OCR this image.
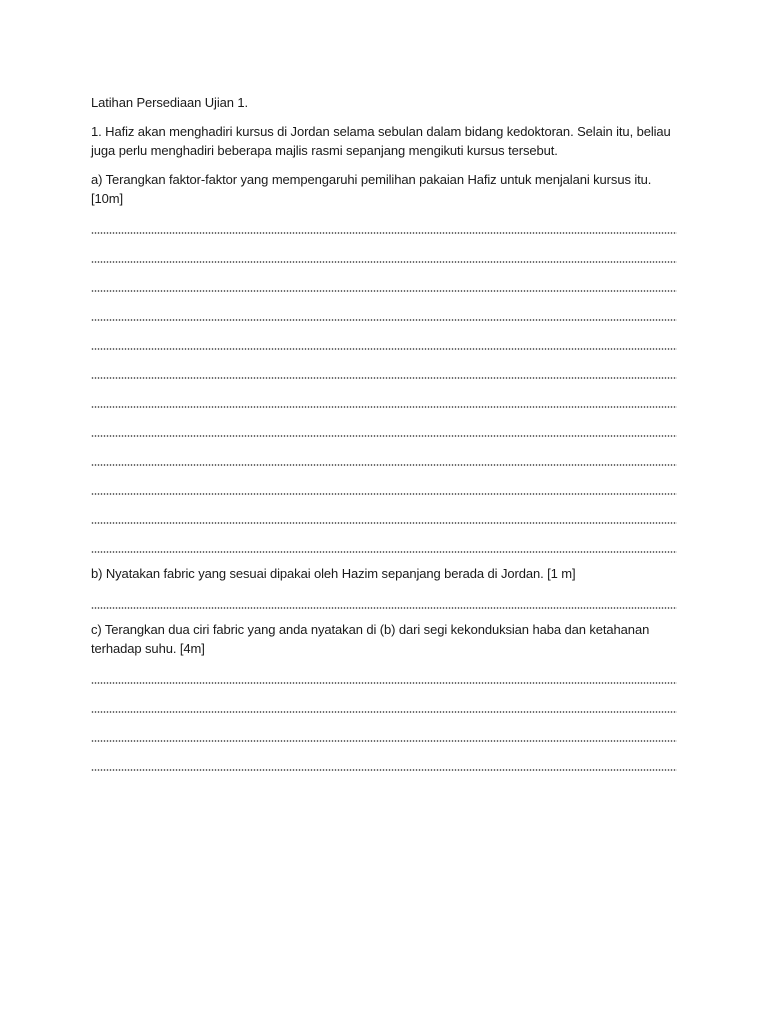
Latihan Persediaan Ujian 1.

1. Hafiz akan menghadiri kursus di Jordan selama sebulan dalam bidang kedoktoran. Selain itu, beliau juga perlu menghadiri beberapa majlis rasmi sepanjang mengikuti kursus tersebut.

a) Terangkan faktor-faktor yang mempengaruhi pemilihan pakaian Hafiz untuk menjalani kursus itu. [10m]

b) Nyatakan fabric yang sesuai dipakai oleh Hazim sepanjang berada di Jordan. [1 m]

c) Terangkan dua ciri fabric yang anda nyatakan di (b) dari segi kekonduksian haba dan ketahanan terhadap suhu. [4m]
